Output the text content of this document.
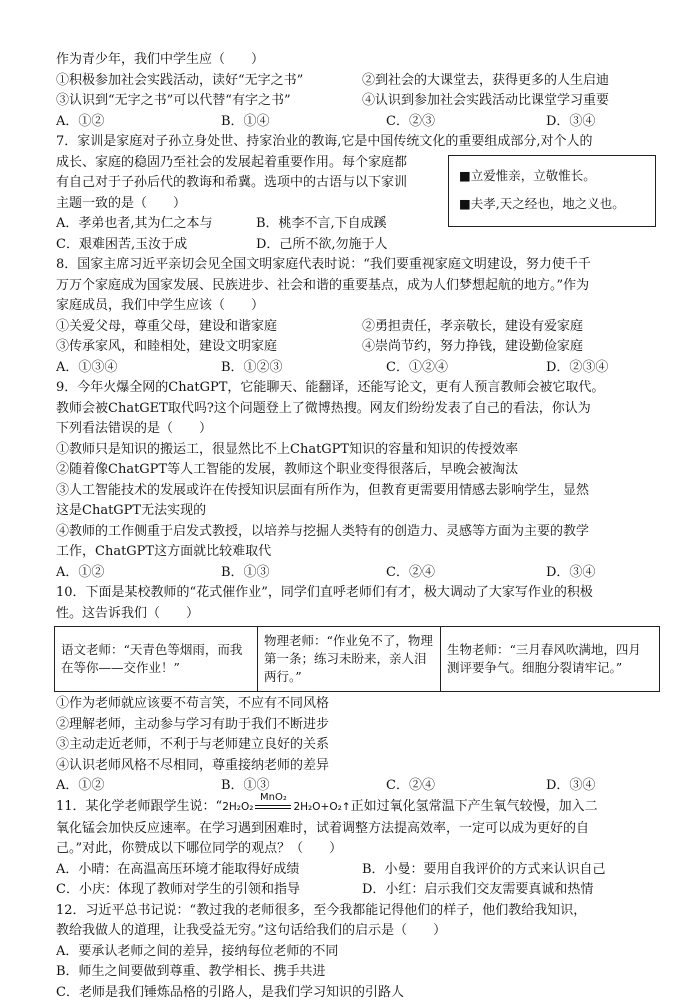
作为青少年，我们中学生应（　　）
①积极参加社会实践活动，读好“无字之书”	②到社会的大课堂去，获得更多的人生启迪
③认识到“无字之书”可以代替“有字之书”	④认识到参加社会实践活动比课堂学习重要
A．①②	B．①④	C．②③	D．③④
7．家训是家庭对子孙立身处世、持家治业的教诲,它是中国传统文化的重要组成部分,对个人的
成长、家庭的稳固乃至社会的发展起着重要作用。每个家庭都
有自己对于子孙后代的教诲和希冀。选项中的古语与以下家训
主题一致的是（　　）
A．孝弟也者,其为仁之本与	B．桃李不言,下自成蹊
C．艰难困苦,玉汝于成	D．己所不欲,勿施于人
8．国家主席习近平亲切会见全国文明家庭代表时说：“我们要重视家庭文明建设，努力使千千
万万个家庭成为国家发展、民族进步、社会和谐的重要基点，成为人们梦想起航的地方。”作为
家庭成员，我们中学生应该（　　）
①关爱父母，尊重父母，建设和谐家庭	②勇担责任，孝亲敬长，建设有爱家庭
③传承家风，和睦相处，建设文明家庭	④崇尚节约，努力挣钱，建设勤俭家庭
A．①③④	B．①②③	C．①②④	D．②③④
9．今年火爆全网的ChatGPT，它能聊天、能翻译，还能写论文，更有人预言教师会被它取代。
教师会被ChatGET取代吗?这个问题登上了微博热搜。网友们纷纷发表了自己的看法，你认为
下列看法错误的是（　　）
①教师只是知识的搬运工，很显然比不上ChatGPT知识的容量和知识的传授效率
②随着像ChatGPT等人工智能的发展，教师这个职业变得很落后，早晚会被淘汰
③人工智能技术的发展或许在传授知识层面有所作为，但教育更需要用情感去影响学生，显然
这是ChatGPT无法实现的
④教师的工作侧重于启发式教授，以培养与挖掘人类特有的创造力、灵感等方面为主要的教学
工作，ChatGPT这方面就比较难取代
A．①②	B．①③	C．②④	D．③④
10．下面是某校教师的“花式催作业”，同学们直呼老师们有才，极大调动了大家写作业的积极
性。这告诉我们（　　）
语文老师：“天青色等烟雨，而我在等你——交作业！”	物理老师：“作业免不了，物理第一条；练习未盼来，亲人泪两行。”	生物老师：“三月春风吹满地，四月测评要争气。细胞分裂请牢记。”
①作为老师就应该要不苟言笑，不应有不同风格
②理解老师，主动参与学习有助于我们不断进步
③主动走近老师，不利于与老师建立良好的关系
④认识老师风格不尽相同，尊重接纳老师的差异
A．①②	B．①③	C．②④	D．③④
11．某化学老师跟学生说：“2H₂O₂
MnO₂
2H₂O+O₂↑正如过氧化氢常温下产生氧气较慢，加入二
氧化锰会加快反应速率。在学习遇到困难时，试着调整方法提高效率，一定可以成为更好的自
己。”对此，你赞成以下哪位同学的观点？（　　）
A．小晴：在高温高压环境才能取得好成绩	B．小曼：要用自我评价的方式来认识自己
C．小庆：体现了教师对学生的引领和指导	D．小红：启示我们交友需要真诚和热情
12．习近平总书记说：“教过我的老师很多，至今我都能记得他们的样子，他们教给我知识，
教给我做人的道理，让我受益无穷。”这句话给我们的启示是（　　）
A．要承认老师之间的差异，接纳每位老师的不同
B．师生之间要做到尊重、教学相长、携手共进
C．老师是我们锤炼品格的引路人，是我们学习知识的引路人
■立爱惟亲，立敬惟长。
■夫孝,天之经也，地之义也。
